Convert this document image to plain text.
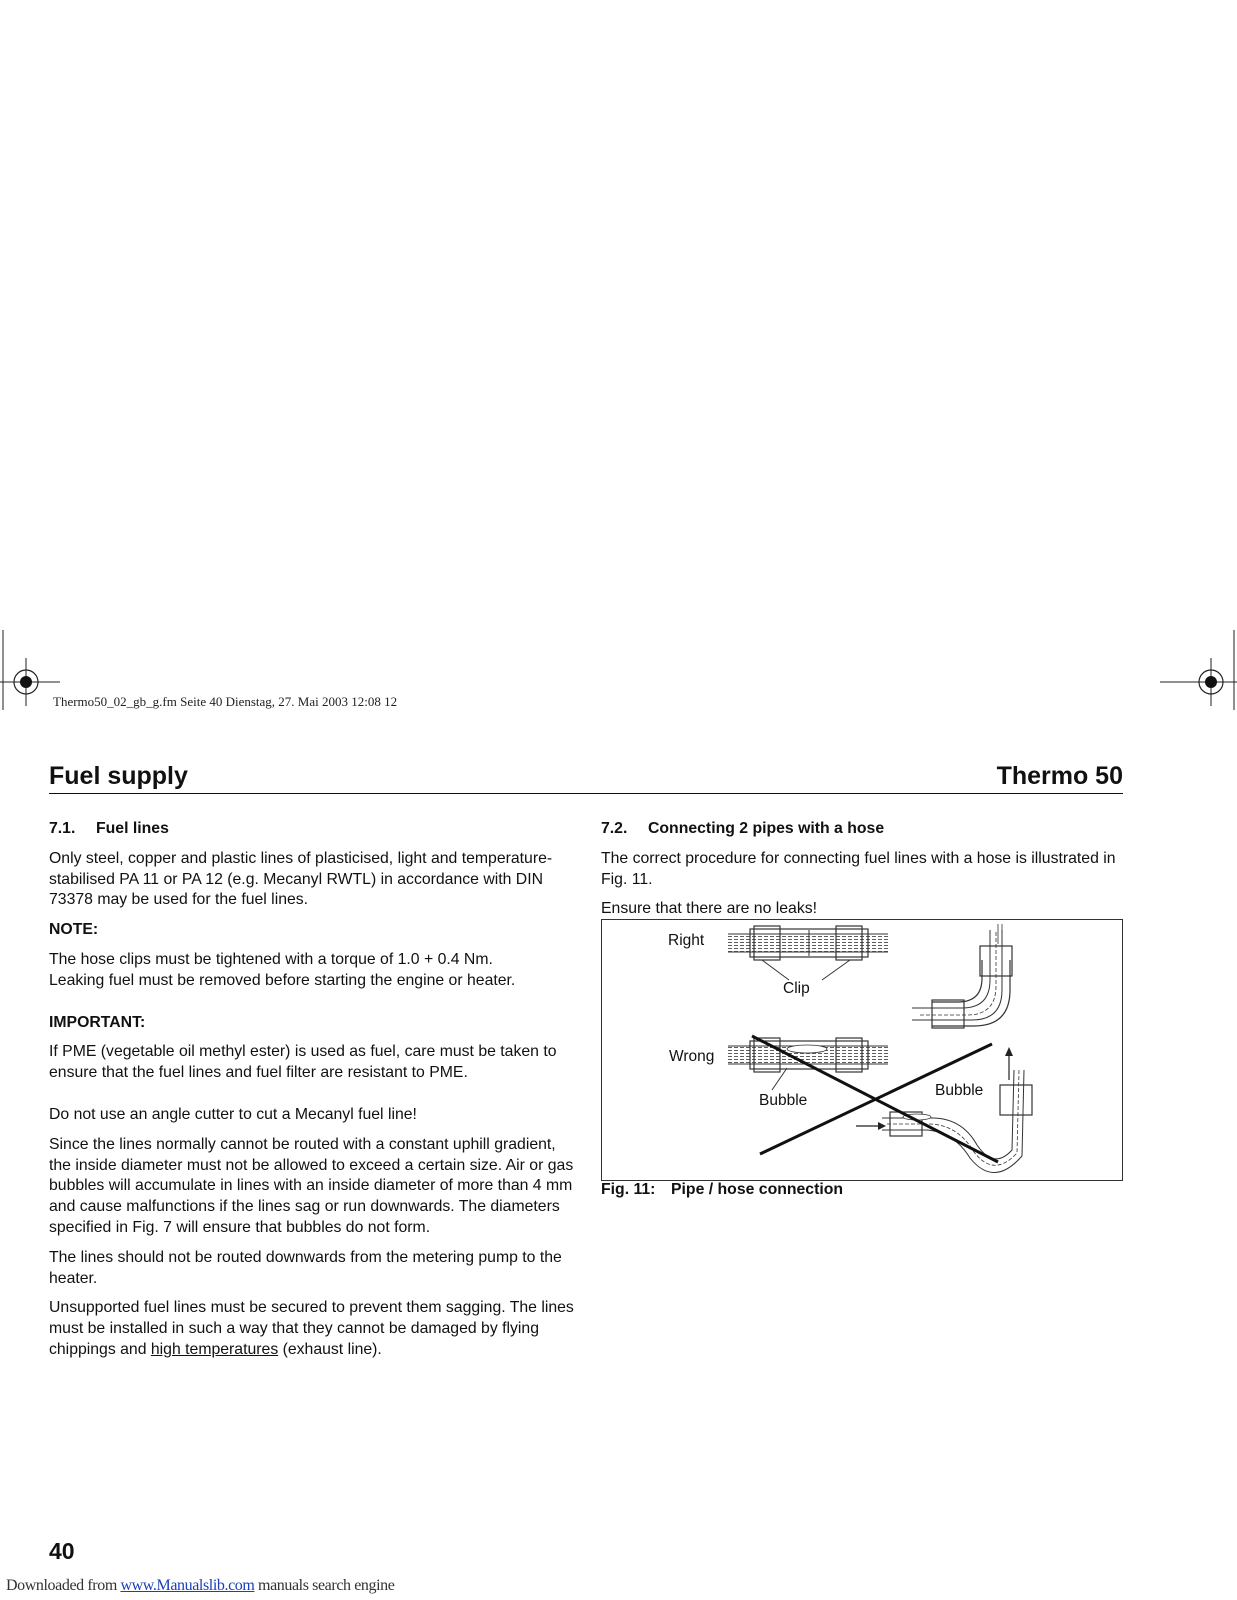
Thermo50_02_gb_g.fm Seite 40 Dienstag, 27. Mai 2003 12:08 12
Fuel supply	Thermo 50

7.1. Fuel lines

Only steel, copper and plastic lines of plasticised, light and temperature-stabilised PA 11 or PA 12 (e.g. Mecanyl RWTL) in accordance with DIN 73378 may be used for the fuel lines.

NOTE:

The hose clips must be tightened with a torque of 1.0 + 0.4 Nm.

Leaking fuel must be removed before starting the engine or heater.

IMPORTANT:

If PME (vegetable oil methyl ester) is used as fuel, care must be taken to ensure that the fuel lines and fuel filter are resistant to PME.

Do not use an angle cutter to cut a Mecanyl fuel line!

Since the lines normally cannot be routed with a constant uphill gradient, the inside diameter must not be allowed to exceed a certain size. Air or gas bubbles will accumulate in lines with an inside diameter of more than 4 mm and cause malfunctions if the lines sag or run downwards. The diameters specified in Fig. 7 will ensure that bubbles do not form.

The lines should not be routed downwards from the metering pump to the heater.

Unsupported fuel lines must be secured to prevent them sagging. The lines must be installed in such a way that they cannot be damaged by flying chippings and high temperatures (exhaust line).

7.2. Connecting 2 pipes with a hose

The correct procedure for connecting fuel lines with a hose is illustrated in Fig. 11.

Ensure that there are no leaks!

Right
Clip
Wrong
Bubble
Bubble
Fig. 11: Pipe / hose connection
40
Downloaded from www.Manualslib.com manuals search engine
